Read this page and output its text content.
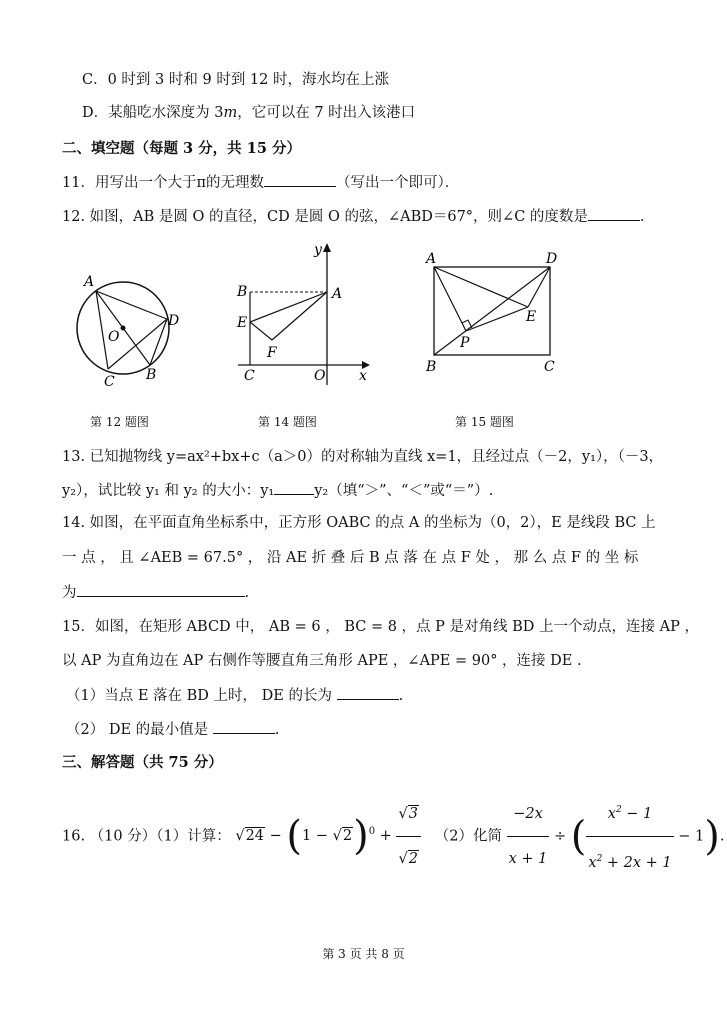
C．0 时到 3 时和 9 时到 12 时，海水均在上涨
D．某船吃水深度为 3m，它可以在 7 时出入该港口
二、填空题（每题 3 分，共 15 分）
11．用写出一个大于π的无理数	（写出一个即可）．
12. 如图，AB 是圆 O 的直径，CD 是圆 O 的弦，∠ABD＝67°，则∠C 的度数是	.
A
O
D
C B
第 12 题图
y
B	A
E
F
C	O x
第 14 题图
A	D
E
P
B	C
第 15 题图
13. 已知抛物线 y=ax²+bx+c（a＞0）的对称轴为直线 x=1，且经过点（－2，y₁），（－3，
y₂），试比较 y₁ 和 y₂ 的大小：y₁	y₂（填“＞”、“＜”或“＝”）.
14. 如图，在平面直角坐标系中，正方形 OABC 的点 A 的坐标为（0，2），E 是线段 BC 上
一 点 ， 且 ∠AEB = 67.5° ， 沿 AE 折 叠 后 B 点 落 在 点 F 处 ， 那 么 点 F 的 坐 标
为	.
15．如图，在矩形 ABCD 中， AB = 6 ， BC = 8 ，点 P 是对角线 BD 上一个动点，连接 AP ，
以 AP 为直角边在 AP 右侧作等腰直角三角形 APE ，∠APE = 90° ，连接 DE .
（1）当点 E 落在 BD 上时， DE 的长为	.
（2） DE 的最小值是	.
三、解答题（共 75 分）
16. （10 分）（1）计算： $√24 - (1 - √2)^0 + \frac{√3}{√2} (2)$化简 $\frac{-2x}{x + 1}$ ÷ ( $\frac{x^2 - 1}{x^2 + 2x + 1} - 1$).
第 3 页 共 8 页
